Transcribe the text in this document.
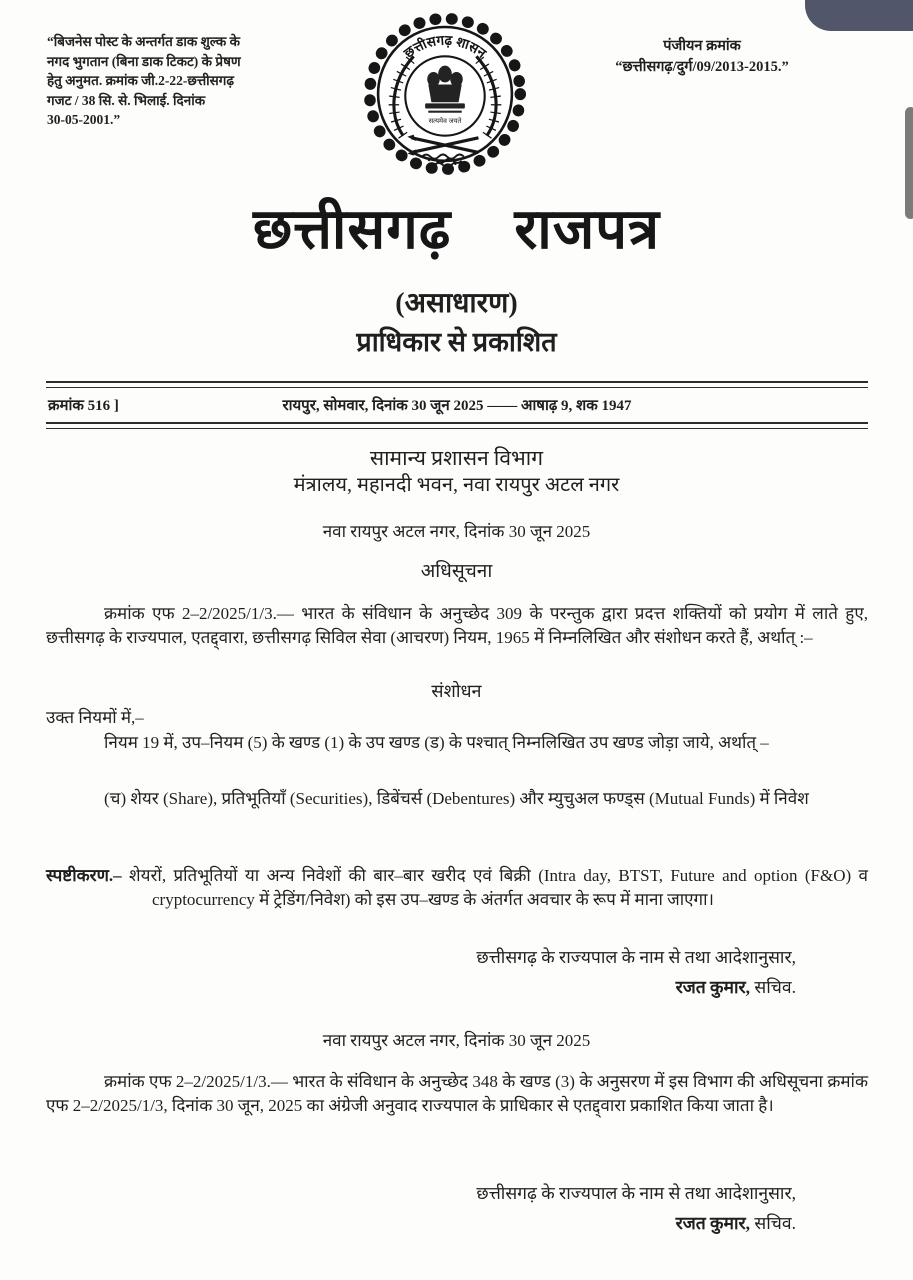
“बिजनेस पोस्ट के अन्तर्गत डाक शुल्क के
नगद भुगतान (बिना डाक टिकट) के प्रेषण
हेतु अनुमत. क्रमांक जी.2-22-छत्तीसगढ़
गजट / 38 सि. से. भिलाई. दिनांक
30-05-2001.”
छत्तीसगढ़ शासन
सत्यमेव जयते
पंजीयन क्रमांक
“छत्तीसगढ़/दुर्ग/09/2013-2015.”
छत्तीसगढ़ राजपत्र
(असाधारण)
प्राधिकार से प्रकाशित
क्रमांक 516 ]	रायपुर, सोमवार, दिनांक 30 जून 2025 —— आषाढ़ 9, शक 1947
सामान्य प्रशासन विभाग
मंत्रालय, महानदी भवन, नवा रायपुर अटल नगर
नवा रायपुर अटल नगर, दिनांक 30 जून 2025
अधिसूचना
क्रमांक एफ 2–2/2025/1/3.— भारत के संविधान के अनुच्छेद 309 के परन्तुक द्वारा प्रदत्त शक्तियों को प्रयोग में लाते हुए, छत्तीसगढ़ के राज्यपाल, एतद्द्वारा, छत्तीसगढ़ सिविल सेवा (आचरण) नियम, 1965 में निम्नलिखित और संशोधन करते हैं, अर्थात् :–
संशोधन
उक्त नियमों में,–
नियम 19 में, उप–नियम (5) के खण्ड (1) के उप खण्ड (ड) के पश्चात् निम्नलिखित उप खण्ड जोड़ा जाये, अर्थात् –
(च) शेयर (Share), प्रतिभूतियाँ (Securities), डिबेंचर्स (Debentures) और म्युचुअल फण्ड्स (Mutual Funds) में निवेश
स्पष्टीकरण.– शेयरों, प्रतिभूतियों या अन्य निवेशों की बार–बार खरीद एवं बिक्री (Intra day, BTST, Future and option (F&O) व cryptocurrency में ट्रेडिंग/निवेश) को इस उप–खण्ड के अंतर्गत अवचार के रूप में माना जाएगा।
छत्तीसगढ़ के राज्यपाल के नाम से तथा आदेशानुसार,
रजत कुमार, सचिव.
नवा रायपुर अटल नगर, दिनांक 30 जून 2025
क्रमांक एफ 2–2/2025/1/3.— भारत के संविधान के अनुच्छेद 348 के खण्ड (3) के अनुसरण में इस विभाग की अधिसूचना क्रमांक एफ 2–2/2025/1/3, दिनांक 30 जून, 2025 का अंग्रेजी अनुवाद राज्यपाल के प्राधिकार से एतद्द्वारा प्रकाशित किया जाता है।
छत्तीसगढ़ के राज्यपाल के नाम से तथा आदेशानुसार,
रजत कुमार, सचिव.
